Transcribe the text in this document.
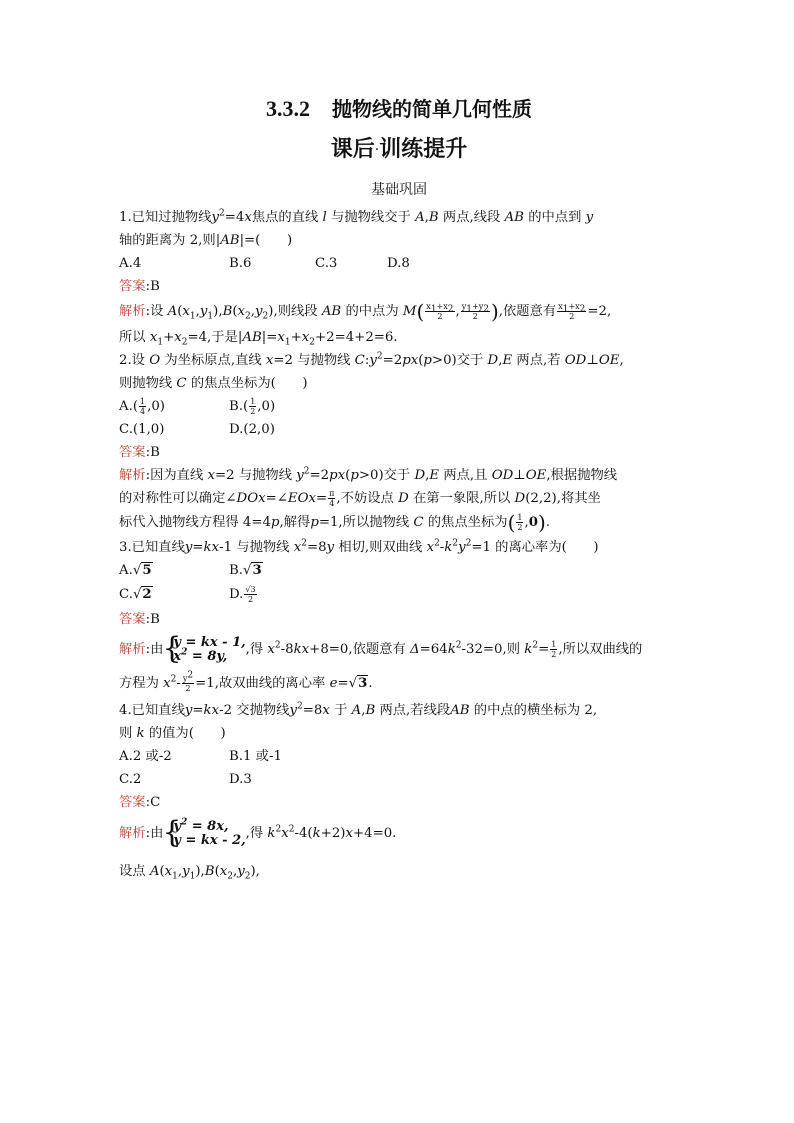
3.3.2 抛物线的简单几何性质
课后·训练提升
基础巩固
1.已知过抛物线$y^2=4x$焦点的直线 l 与抛物线交于 A,B 两点,线段 AB 的中点到 y
轴的距离为 2,则|AB|=(　　)
A.4	B.6	C.3	D.8
答案:B
解析:设 $A(x_1,y_1),B(x_2,y_2)$,则线段 AB 的中点为 $M( \frac{x_1+x_2}{2}$ , $\frac{y_1+y_2}{2}$ ),依题意有 $\frac{x_1+x_2}{2} =2$,
所以 $x_1+x_2=4$,于是$|AB|=x_1+x_2+2=4+2=6$.
2.设 O 为坐标原点,直线 x=2 与抛物线 $C:y^2=2px(p>0)$交于 D,E 两点,若 OD⊥OE,
则抛物线 C 的焦点坐标为(　　)
$A.( \frac{1}{4} ,0)$	$B.( \frac{1}{2} ,0)$
C.(1,0)	D.(2,0)
答案:B
解析:因为直线 x=2 与抛物线 $y^2=2px(p>0)$交于 D,E 两点,且 OD⊥OE,根据抛物线
的对称性可以确定∠DOx=∠EOx= $\frac{\pi}{4}$ ,不妨设点 D 在第一象限,所以 D(2,2),将其坐
标代入抛物线方程得 4=4p,解得p=1,所以抛物线 C 的焦点坐标为( $\frac{1}{2} ,0$).
3.已知直线y=kx-1 与抛物线 $x^2=8y$ 相切,则双曲线 $x^2-k^2y^2=1$ 的离心率为(　　)
A.√5	B.√3
C.√2	D. $\frac{√3}{2}$
答案:B
解析:由 { y = kx - 1,
$x^2 = 8y$, ,得 $x^2-8kx+8=0$,依题意有 $\Delta=64k^2-32=0$,则 $k^2= \frac{1}{2}$ ,所以双曲线的
方程为 $x^2- \frac{y^2}{2} =1$,故双曲线的离心率 e=√3.
4.已知直线y=kx-2 交抛物线$y^2=8x$ 于 A,B 两点,若线段AB 的中点的横坐标为 2,
则 k 的值为(　　)
A.2 或-2	B.1 或-1
C.2	D.3
答案:C
解析:由 { $y^2 = 8x$,
y = kx - 2,,得 $k^2x^2-4(k+2)x+4=0$.
设点 $A(x_1,y_1),B(x_2,y_2)$,
